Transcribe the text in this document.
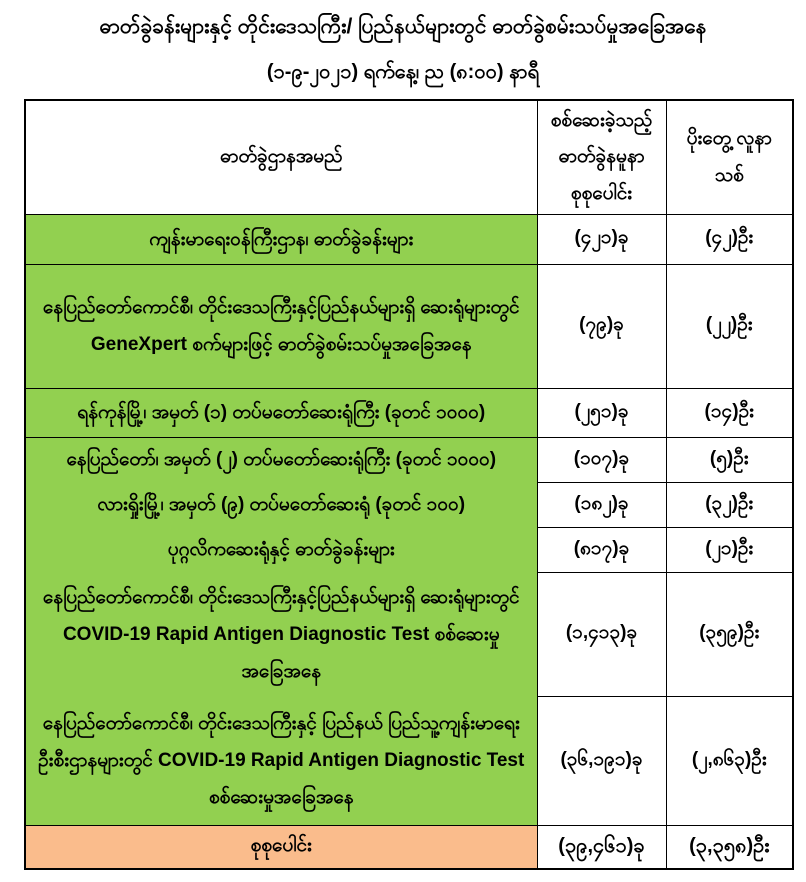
ဓာတ်ခွဲခန်းများနှင့် တိုင်းဒေသကြီး/ ပြည်နယ်များတွင် ဓာတ်ခွဲစမ်းသပ်မှုအခြေအနေ
(၁-၉-၂၀၂၁) ရက်နေ့၊ ည (၈:၀၀) နာရီ
ဓာတ်ခွဲဌာနအမည်	စစ်ဆေးခဲ့သည့် ဓာတ်ခွဲနမူနာ စုစုပေါင်း	ပိုးတွေ့ လူနာသစ်
ကျန်းမာရေးဝန်ကြီးဌာန၊ ဓာတ်ခွဲခန်းများ	(၄၂၁)ခု	(၄၂)ဦး
နေပြည်တော်ကောင်စီ၊ တိုင်းဒေသကြီးနှင့်ပြည်နယ်များရှိ ဆေးရုံများတွင် GeneXpert စက်များဖြင့် ဓာတ်ခွဲစမ်းသပ်မှုအခြေအနေ	(၇၉)ခု	(၂၂)ဦး
ရန်ကုန်မြို့၊ အမှတ် (၁) တပ်မတော်ဆေးရုံကြီး (ခုတင် ၁၀၀၀)	(၂၅၁)ခု	(၁၄)ဦး
နေပြည်တော်၊ အမှတ် (၂) တပ်မတော်ဆေးရုံကြီး (ခုတင် ၁၀၀၀)	(၁၀၇)ခု	(၅)ဦး
လားရှိုးမြို့၊ အမှတ် (၉) တပ်မတော်ဆေးရုံ (ခုတင် ၁၀၀)	(၁၈၂)ခု	(၃၂)ဦး
ပုဂ္ဂလိကဆေးရုံနှင့် ဓာတ်ခွဲခန်းများ	(၈၁၇)ခု	(၂၁)ဦး
နေပြည်တော်ကောင်စီ၊ တိုင်းဒေသကြီးနှင့်ပြည်နယ်များရှိ ဆေးရုံများတွင် COVID-19 Rapid Antigen Diagnostic Test စစ်ဆေးမှုအခြေအနေ	(၁,၄၁၃)ခု	(၃၅၉)ဦး
နေပြည်တော်ကောင်စီ၊ တိုင်းဒေသကြီးနှင့် ပြည်နယ် ပြည်သူ့ကျန်းမာရေးဦးစီးဌာနများတွင် COVID-19 Rapid Antigen Diagnostic Test စစ်ဆေးမှုအခြေအနေ	(၃၆,၁၉၁)ခု	(၂,၈၆၃)ဦး
စုစုပေါင်း	(၃၉,၄၆၁)ခု	(၃,၃၅၈)ဦး
